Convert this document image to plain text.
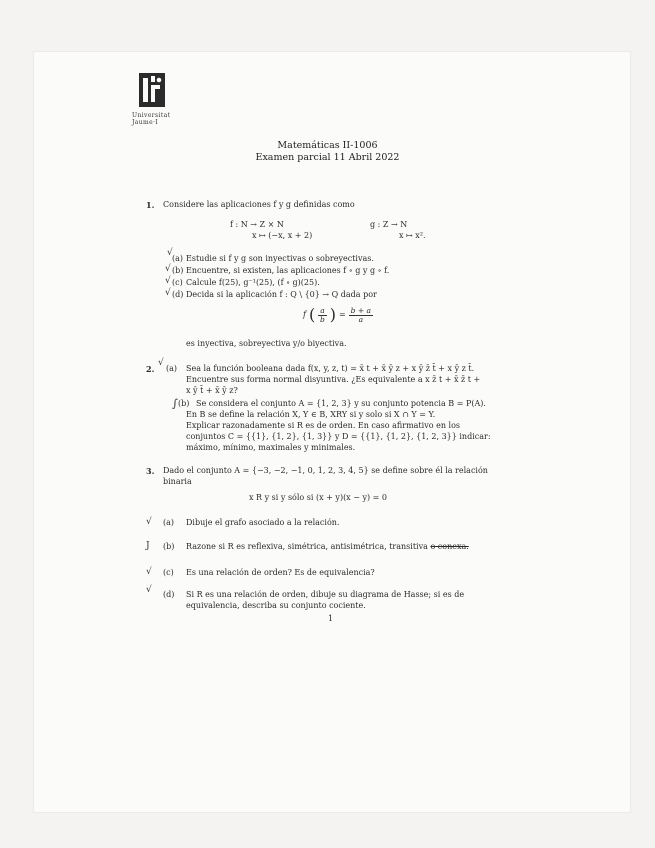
Universitat
Jaume·I
Matemáticas II-1006
Examen parcial 11 Abril 2022
1. Considere las aplicaciones f y g definidas como
f : N → Z × N
x ↦ (−x, x + 2)
g : Z → N
x ↦ x².
√
(a) Estudie si f y g son inyectivas o sobreyectivas.
√ (b) Encuentre, si existen, las aplicaciones f ∘ g y g ∘ f.
√ (c) Calcule f(25), g⁻¹(25), (f ∘ g)(25).
√ (d) Decida si la aplicación f : Q \ {0} → Q dada por
f ( $\frac{a}{b}$ ) = $\frac{b + a}{a}$
es inyectiva, sobreyectiva y/o biyectiva.
2.
√
(a) Sea la función booleana dada f(x, y, z, t) = x̄ t + x̄ ȳ z + x ȳ z̄ t̄ + x ȳ z t̄.
Encuentre sus forma normal disyuntiva. ¿Es equivalente a x z̄ t + x̄ z̄ t +
x ȳ t̄ + x̄ ȳ z?
∫ (b) Se considera el conjunto A = {1, 2, 3} y su conjunto potencia B = P(A).
En B se define la relación X, Y ∈ B, XRY si y solo si X ∩ Y = Y.
Explicar razonadamente si R es de orden. En caso afirmativo en los
conjuntos C = {{1}, {1, 2}, {1, 3}} y D = {{1}, {1, 2}, {1, 2, 3}} indicar:
máximo, mínimo, maximales y minimales.
3. Dado el conjunto A = {−3, −2, −1, 0, 1, 2, 3, 4, 5} se define sobre él la relación
binaria
x R y si y sólo si (x + y)(x − y) = 0
√ (a) Dibuje el grafo asociado a la relación.
J (b) Razone si R es reflexiva, simétrica, antisimétrica, transitiva o conexa.
√ (c) Es una relación de orden? Es de equivalencia?
√ (d) Si R es una relación de orden, dibuje su diagrama de Hasse; si es de
equivalencia, describa su conjunto cociente.
1
